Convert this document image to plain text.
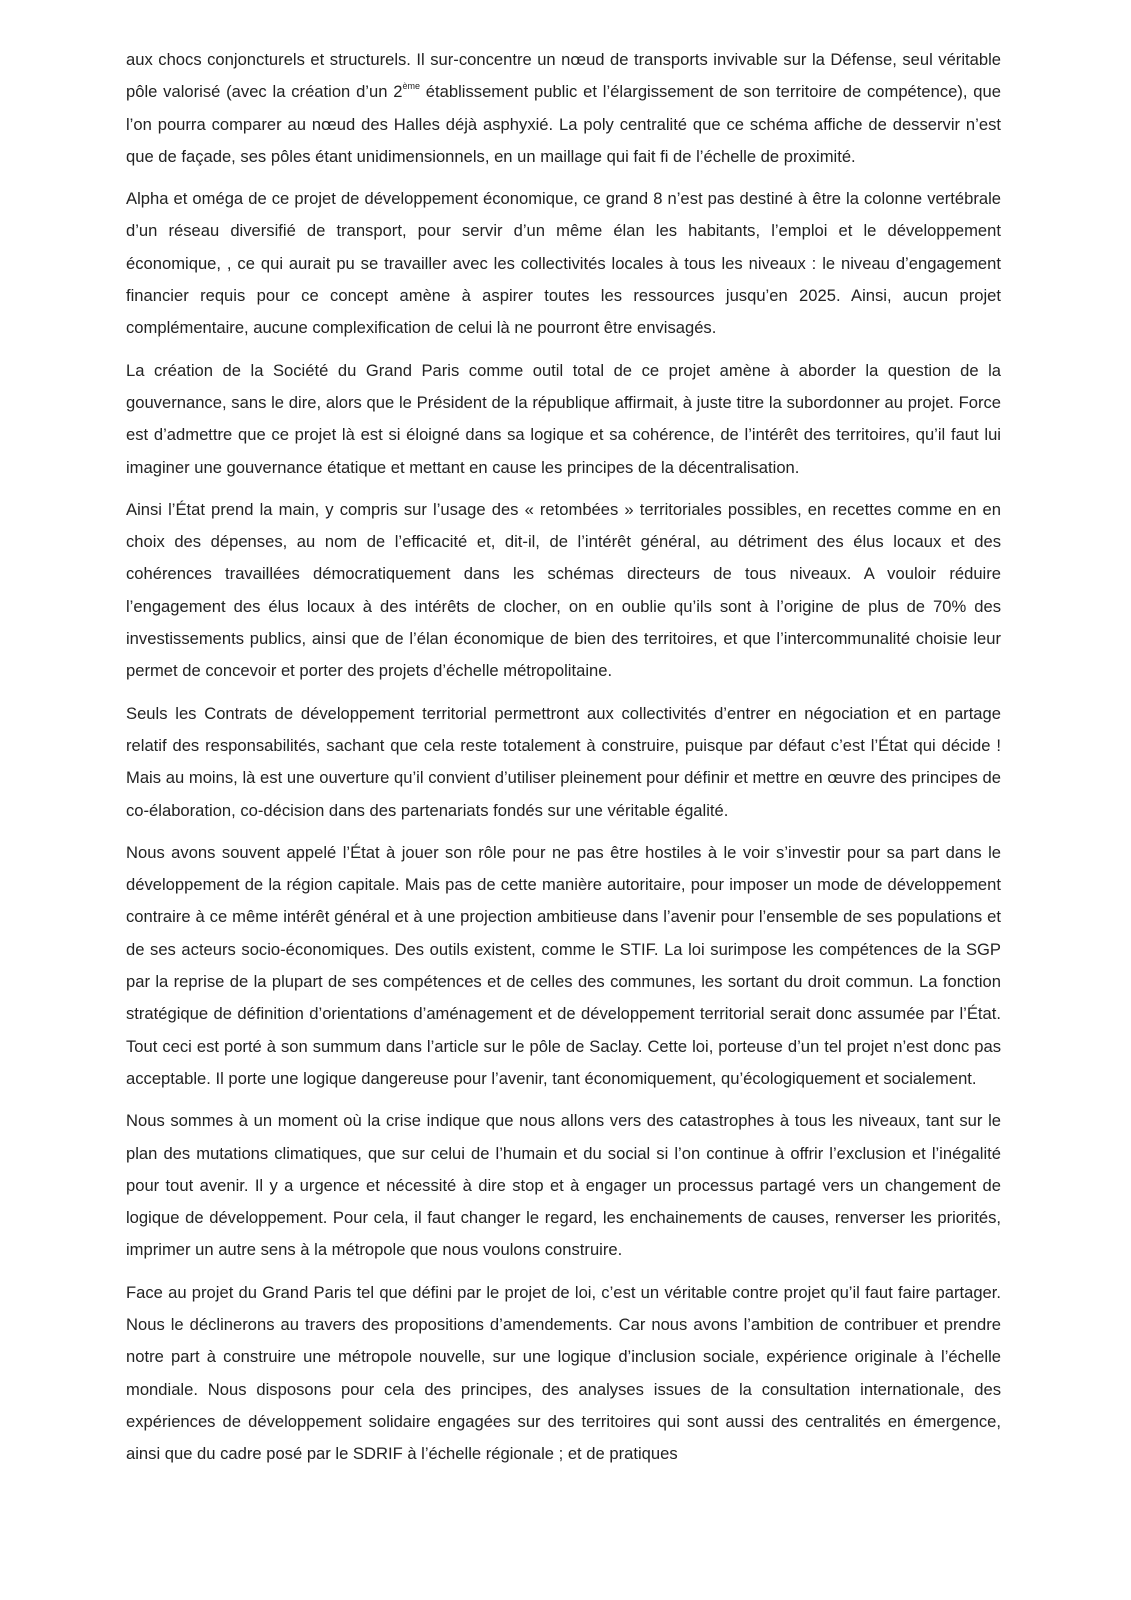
aux chocs conjoncturels et structurels. Il sur-concentre un nœud de transports invivable sur la Défense, seul véritable pôle valorisé (avec la création d’un 2ème établissement public et l’élargissement de son territoire de compétence), que l’on pourra comparer au nœud des Halles déjà asphyxié. La poly centralité que ce schéma affiche de desservir n’est que de façade, ses pôles étant unidimensionnels, en un maillage qui fait fi de l’échelle de proximité.

Alpha et oméga de ce projet de développement économique, ce grand 8 n’est pas destiné à être la colonne vertébrale d’un réseau diversifié de transport, pour servir d’un même élan les habitants, l’emploi et le développement économique, , ce qui aurait pu se travailler avec les collectivités locales à tous les niveaux : le niveau d’engagement financier requis pour ce concept amène à aspirer toutes les ressources jusqu’en 2025. Ainsi, aucun projet complémentaire, aucune complexification de celui là ne pourront être envisagés.

La création de la Société du Grand Paris comme outil total de ce projet amène à aborder la question de la gouvernance, sans le dire, alors que le Président de la république affirmait, à juste titre la subordonner au projet. Force est d’admettre que ce projet là est si éloigné dans sa logique et sa cohérence, de l’intérêt des territoires, qu’il faut lui imaginer une gouvernance étatique et mettant en cause les principes de la décentralisation.

Ainsi l’État prend la main, y compris sur l’usage des « retombées » territoriales possibles, en recettes comme en en choix des dépenses, au nom de l’efficacité et, dit-il, de l’intérêt général, au détriment des élus locaux et des cohérences travaillées démocratiquement dans les schémas directeurs de tous niveaux. A vouloir réduire l’engagement des élus locaux à des intérêts de clocher, on en oublie qu’ils sont à l’origine de plus de 70% des investissements publics, ainsi que de l’élan économique de bien des territoires, et que l’intercommunalité choisie leur permet de concevoir et porter des projets d’échelle métropolitaine.

Seuls les Contrats de développement territorial permettront aux collectivités d’entrer en négociation et en partage relatif des responsabilités, sachant que cela reste totalement à construire, puisque par défaut c’est l’État qui décide ! Mais au moins, là est une ouverture qu’il convient d’utiliser pleinement pour définir et mettre en œuvre des principes de co-élaboration, co-décision dans des partenariats fondés sur une véritable égalité.

Nous avons souvent appelé l’État à jouer son rôle pour ne pas être hostiles à le voir s’investir pour sa part dans le développement de la région capitale. Mais pas de cette manière autoritaire, pour imposer un mode de développement contraire à ce même intérêt général et à une projection ambitieuse dans l’avenir pour l’ensemble de ses populations et de ses acteurs socio-économiques. Des outils existent, comme le STIF. La loi surimpose les compétences de la SGP par la reprise de la plupart de ses compétences et de celles des communes, les sortant du droit commun. La fonction stratégique de définition d’orientations d’aménagement et de développement territorial serait donc assumée par l’État. Tout ceci est porté à son summum dans l’article sur le pôle de Saclay. Cette loi, porteuse d’un tel projet n’est donc pas acceptable. Il porte une logique dangereuse pour l’avenir, tant économiquement, qu’écologiquement et socialement.

Nous sommes à un moment où la crise indique que nous allons vers des catastrophes à tous les niveaux, tant sur le plan des mutations climatiques, que sur celui de l’humain et du social si l’on continue à offrir l’exclusion et l’inégalité pour tout avenir. Il y a urgence et nécessité à dire stop et à engager un processus partagé vers un changement de logique de développement. Pour cela, il faut changer le regard, les enchainements de causes, renverser les priorités, imprimer un autre sens à la métropole que nous voulons construire.

Face au projet du Grand Paris tel que défini par le projet de loi, c’est un véritable contre projet qu’il faut faire partager. Nous le déclinerons au travers des propositions d’amendements. Car nous avons l’ambition de contribuer et prendre notre part à construire une métropole nouvelle, sur une logique d’inclusion sociale, expérience originale à l’échelle mondiale. Nous disposons pour cela des principes, des analyses issues de la consultation internationale, des expériences de développement solidaire engagées sur des territoires qui sont aussi des centralités en émergence, ainsi que du cadre posé par le SDRIF à l’échelle régionale ; et de pratiques
